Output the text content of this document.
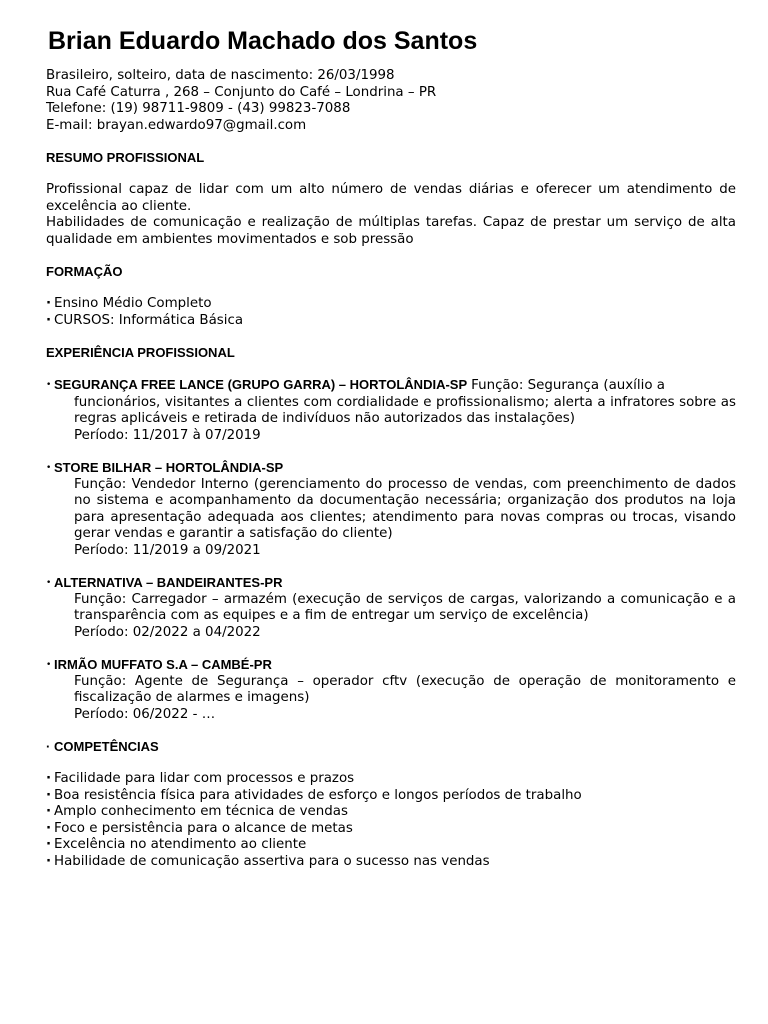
Brian Eduardo Machado dos Santos
Brasileiro, solteiro, data de nascimento: 26/03/1998
Rua Café Caturra , 268 – Conjunto do Café – Londrina – PR
Telefone: (19) 98711-9809 - (43) 99823-7088
E-mail: brayan.edwardo97@gmail.com
RESUMO PROFISSIONAL
Profissional capaz de lidar com um alto número de vendas diárias e oferecer um atendimento de excelência ao cliente.
Habilidades de comunicação e realização de múltiplas tarefas. Capaz de prestar um serviço de alta qualidade em ambientes movimentados e sob pressão
FORMAÇÃO
· Ensino Médio Completo
· CURSOS: Informática Básica
EXPERIÊNCIA PROFISSIONAL
· SEGURANÇA FREE LANCE (GRUPO GARRA) – HORTOLÂNDIA-SP Função: Segurança (auxílio a
funcionários, visitantes a clientes com cordialidade e profissionalismo; alerta a infratores sobre as regras aplicáveis e retirada de indivíduos não autorizados das instalações)
Período: 11/2017 à 07/2019
· STORE BILHAR – HORTOLÂNDIA-SP
Função: Vendedor Interno (gerenciamento do processo de vendas, com preenchimento de dados no sistema e acompanhamento da documentação necessária; organização dos produtos na loja para apresentação adequada aos clientes; atendimento para novas compras ou trocas, visando gerar vendas e garantir a satisfação do cliente)
Período: 11/2019 a 09/2021
· ALTERNATIVA – BANDEIRANTES-PR
Função: Carregador – armazém (execução de serviços de cargas, valorizando a comunicação e a transparência com as equipes e a fim de entregar um serviço de excelência)
Período: 02/2022 a 04/2022
· IRMÃO MUFFATO S.A – CAMBÉ-PR
Função: Agente de Segurança – operador cftv (execução de operação de monitoramento e fiscalização de alarmes e imagens)
Período: 06/2022 - …
· COMPETÊNCIAS
· Facilidade para lidar com processos e prazos
· Boa resistência física para atividades de esforço e longos períodos de trabalho
· Amplo conhecimento em técnica de vendas
· Foco e persistência para o alcance de metas
· Excelência no atendimento ao cliente
· Habilidade de comunicação assertiva para o sucesso nas vendas
